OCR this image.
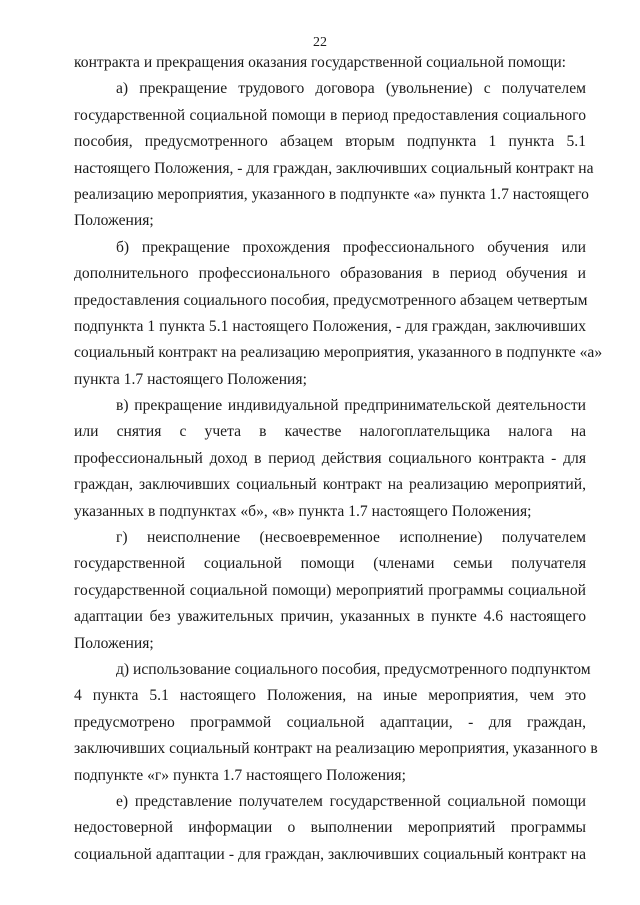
22
контракта и прекращения оказания государственной социальной помощи:
а) прекращение трудового договора (увольнение) с получателем
государственной социальной помощи в период предоставления социального
пособия, предусмотренного абзацем вторым подпункта 1 пункта 5.1
настоящего Положения, - для граждан, заключивших социальный контракт на
реализацию мероприятия, указанного в подпункте «а» пункта 1.7 настоящего
Положения;
б) прекращение прохождения профессионального обучения или
дополнительного профессионального образования в период обучения и
предоставления социального пособия, предусмотренного абзацем четвертым
подпункта 1 пункта 5.1 настоящего Положения, - для граждан, заключивших
социальный контракт на реализацию мероприятия, указанного в подпункте «а»
пункта 1.7 настоящего Положения;
в) прекращение индивидуальной предпринимательской деятельности
или снятия с учета в качестве налогоплательщика налога на
профессиональный доход в период действия социального контракта - для
граждан, заключивших социальный контракт на реализацию мероприятий,
указанных в подпунктах «б», «в» пункта 1.7 настоящего Положения;
г) неисполнение (несвоевременное исполнение) получателем
государственной социальной помощи (членами семьи получателя
государственной социальной помощи) мероприятий программы социальной
адаптации без уважительных причин, указанных в пункте 4.6 настоящего
Положения;
д) использование социального пособия, предусмотренного подпунктом
4 пункта 5.1 настоящего Положения, на иные мероприятия, чем это
предусмотрено программой социальной адаптации, - для граждан,
заключивших социальный контракт на реализацию мероприятия, указанного в
подпункте «г» пункта 1.7 настоящего Положения;
е) представление получателем государственной социальной помощи
недостоверной информации о выполнении мероприятий программы
социальной адаптации - для граждан, заключивших социальный контракт на
